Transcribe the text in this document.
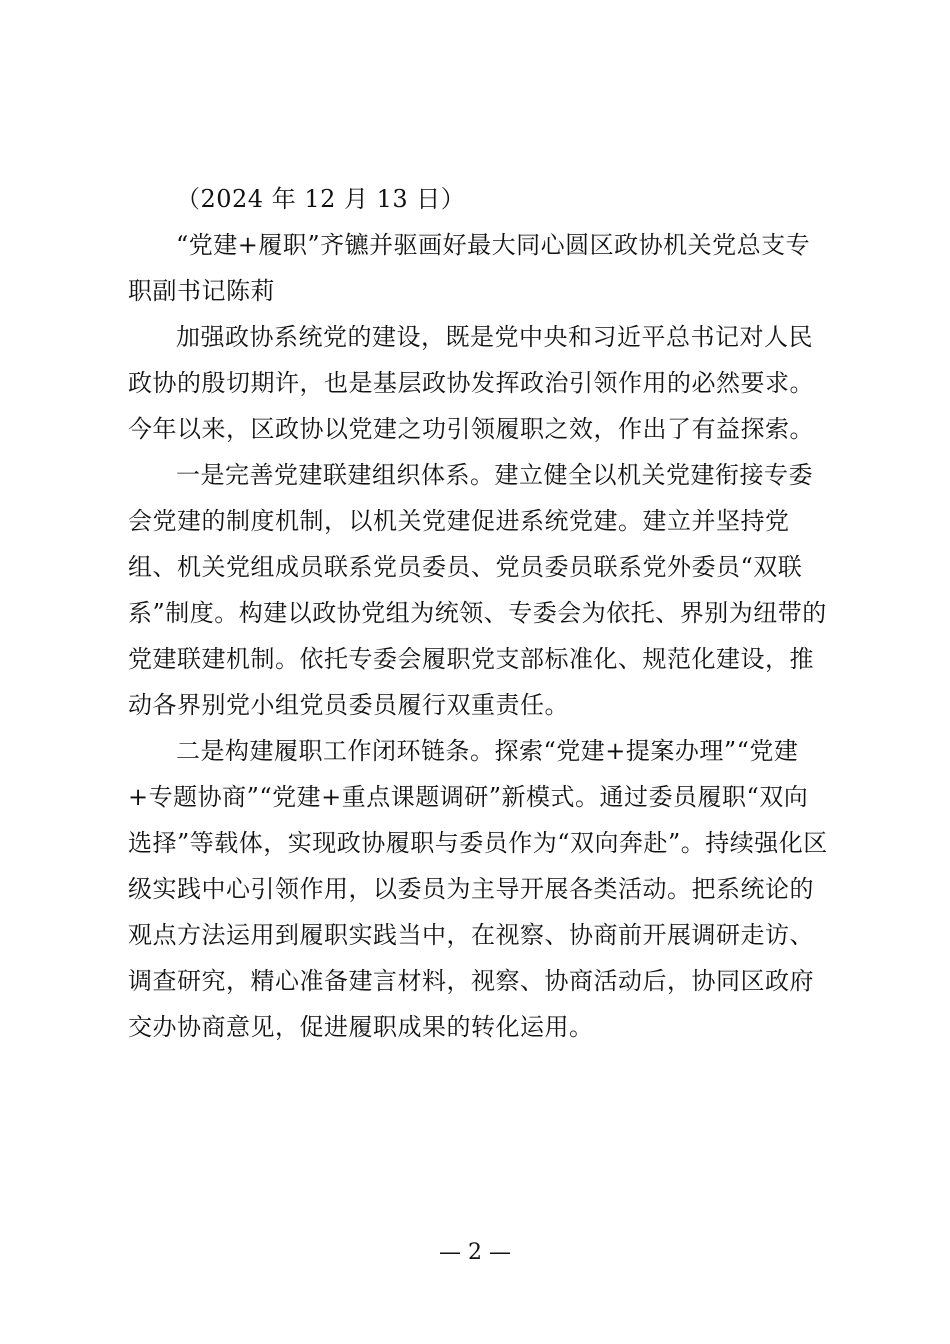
（2024 年 12 月 13 日）

“党建+履职”齐镳并驱画好最大同心圆区政协机关党总支专职副书记陈莉

加强政协系统党的建设，既是党中央和习近平总书记对人民政协的殷切期许，也是基层政协发挥政治引领作用的必然要求。今年以来，区政协以党建之功引领履职之效，作出了有益探索。

一是完善党建联建组织体系。建立健全以机关党建衔接专委会党建的制度机制，以机关党建促进系统党建。建立并坚持党组、机关党组成员联系党员委员、党员委员联系党外委员“双联系”制度。构建以政协党组为统领、专委会为依托、界别为纽带的党建联建机制。依托专委会履职党支部标准化、规范化建设，推动各界别党小组党员委员履行双重责任。

二是构建履职工作闭环链条。探索“党建+提案办理”“党建+专题协商”“党建+重点课题调研”新模式。通过委员履职“双向选择”等载体，实现政协履职与委员作为“双向奔赴”。持续强化区级实践中心引领作用，以委员为主导开展各类活动。把系统论的观点方法运用到履职实践当中，在视察、协商前开展调研走访、调查研究，精心准备建言材料，视察、协商活动后，协同区政府交办协商意见，促进履职成果的转化运用。

— 2 —
